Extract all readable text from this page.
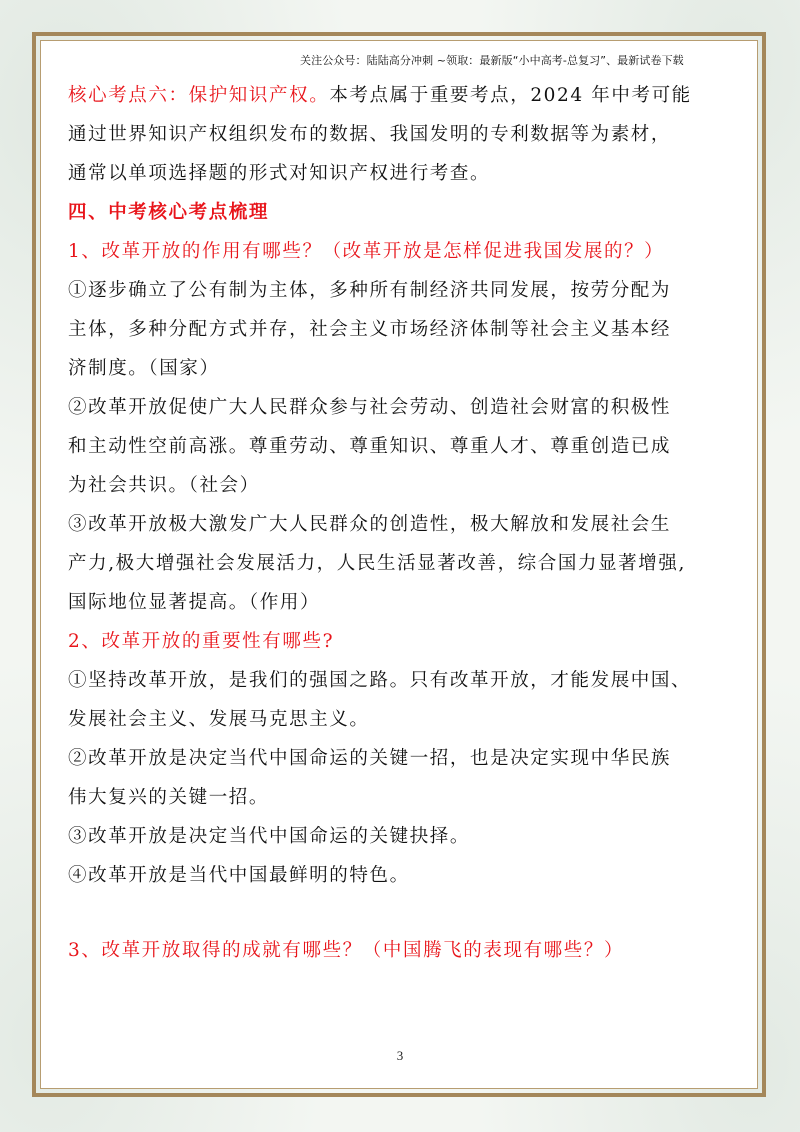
关注公众号：陆陆高分冲刺 ~领取：最新版“小中高考-总复习”、最新试卷下载
核心考点六：保护知识产权。本考点属于重要考点，2024 年中考可能
通过世界知识产权组织发布的数据、我国发明的专利数据等为素材，
通常以单项选择题的形式对知识产权进行考查。
四、中考核心考点梳理
1、改革开放的作用有哪些？（改革开放是怎样促进我国发展的？）
①逐步确立了公有制为主体，多种所有制经济共同发展，按劳分配为
主体，多种分配方式并存，社会主义市场经济体制等社会主义基本经
济制度。（国家）
②改革开放促使广大人民群众参与社会劳动、创造社会财富的积极性
和主动性空前高涨。尊重劳动、尊重知识、尊重人才、尊重创造已成
为社会共识。（社会）
③改革开放极大激发广大人民群众的创造性，极大解放和发展社会生
产力,极大增强社会发展活力，人民生活显著改善，综合国力显著增强,
国际地位显著提高。（作用）
2、改革开放的重要性有哪些?
①坚持改革开放，是我们的强国之路。只有改革开放，才能发展中国、
发展社会主义、发展马克思主义。
②改革开放是决定当代中国命运的关键一招，也是决定实现中华民族
伟大复兴的关键一招。
③改革开放是决定当代中国命运的关键抉择。
④改革开放是当代中国最鲜明的特色。
3、改革开放取得的成就有哪些？（中国腾飞的表现有哪些？）
3
